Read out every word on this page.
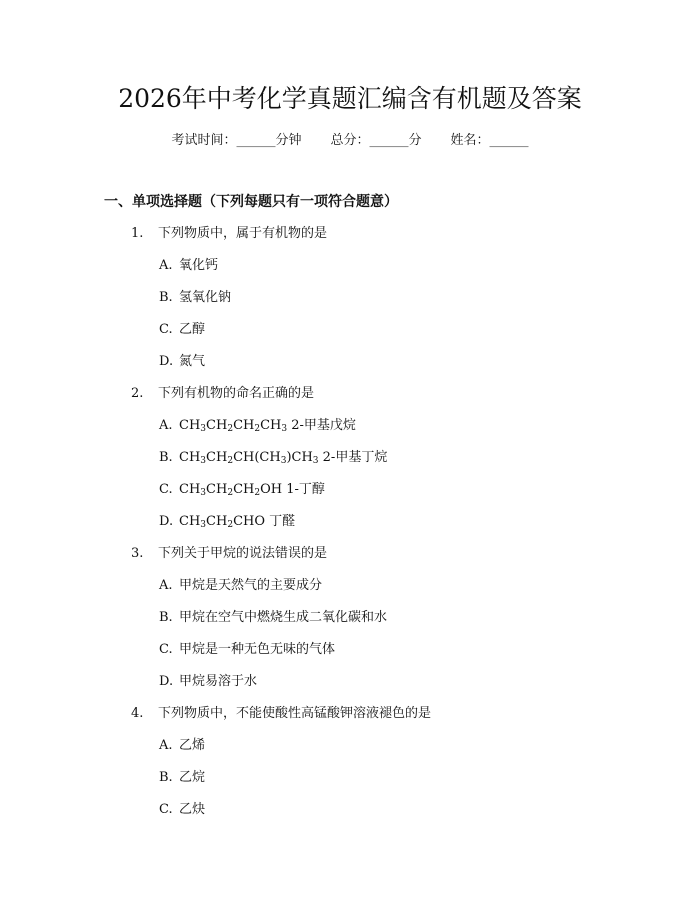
2026年中考化学真题汇编含有机题及答案
考试时间：______分钟 总分：______分 姓名：______
一、单项选择题（下列每题只有一项符合题意）
1. 下列物质中，属于有机物的是
A. 氧化钙
B. 氢氧化钠
C. 乙醇
D. 氮气
2. 下列有机物的命名正确的是
A. $CH_3CH_2CH_2CH_3$ 2-甲基戊烷
B. $CH_3CH_2CH(CH_3)CH_3$ 2-甲基丁烷
C. $CH_3CH_2CH_2OH$ 1-丁醇
D. $CH_3CH_2CHO$ 丁醛
3. 下列关于甲烷的说法错误的是
A. 甲烷是天然气的主要成分
B. 甲烷在空气中燃烧生成二氧化碳和水
C. 甲烷是一种无色无味的气体
D. 甲烷易溶于水
4. 下列物质中，不能使酸性高锰酸钾溶液褪色的是
A. 乙烯
B. 乙烷
C. 乙炔
